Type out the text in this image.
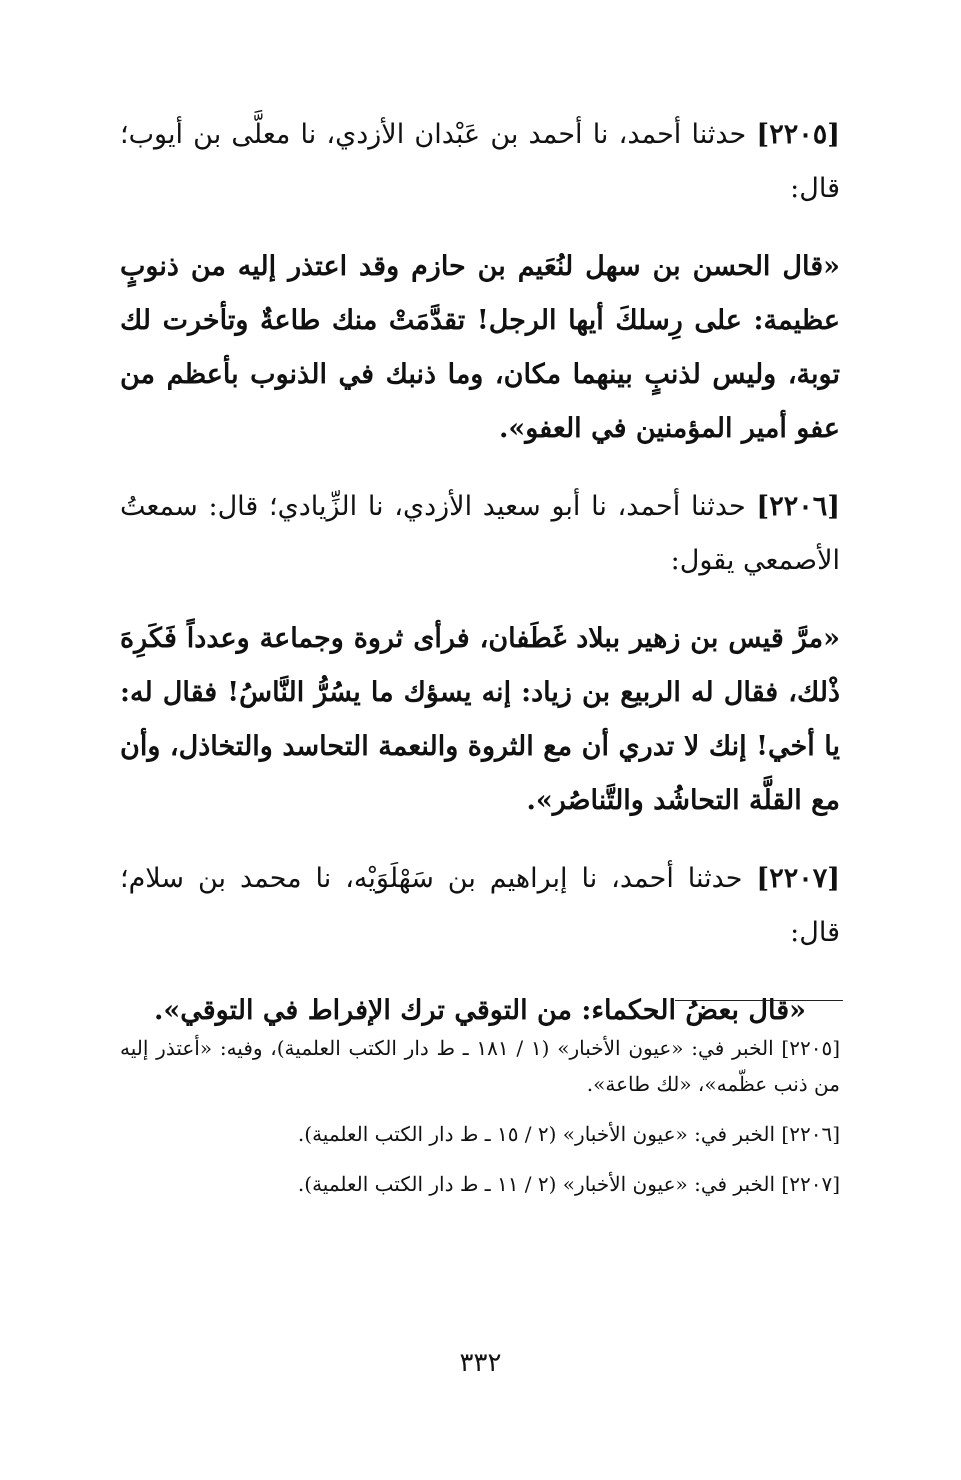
[٢٢٠٥] حدثنا أحمد، نا أحمد بن عَبْدان الأزدي، نا معلَّى بن أيوب؛ قال:
«قال الحسن بن سهل لنُعَيم بن حازم وقد اعتذر إليه من ذنوبٍ عظيمة: على رِسلكَ أيها الرجل! تقدَّمَتْ منك طاعةٌ وتأخرت لك توبة، وليس لذنبٍ بينهما مكان، وما ذنبك في الذنوب بأعظم من عفو أمير المؤمنين في العفو».
[٢٢٠٦] حدثنا أحمد، نا أبو سعيد الأزدي، نا الزِّيادي؛ قال: سمعتُ الأصمعي يقول:
«مرَّ قيس بن زهير ببلاد غَطَفان، فرأى ثروة وجماعة وعدداً فَكَرِهَ ذْلك، فقال له الربيع بن زياد: إنه يسؤك ما يسُرُّ النَّاسُ! فقال له: يا أخي! إنك لا تدري أن مع الثروة والنعمة التحاسد والتخاذل، وأن مع القلَّة التحاشُد والتَّناصُر».
[٢٢٠٧] حدثنا أحمد، نا إبراهيم بن سَهْلَوَيْه، نا محمد بن سلام؛ قال:
«قال بعضُ الحكماء: من التوقي ترك الإفراط في التوقي».
[٢٢٠٥] الخبر في: «عيون الأخبار» (١ / ١٨١ ـ ط دار الكتب العلمية)، وفيه: «أعتذر إليه من ذنب عظّمه»، «لك طاعة».
[٢٢٠٦] الخبر في: «عيون الأخبار» (٢ / ١٥ ـ ط دار الكتب العلمية).
[٢٢٠٧] الخبر في: «عيون الأخبار» (٢ / ١١ ـ ط دار الكتب العلمية).
٣٣٢
